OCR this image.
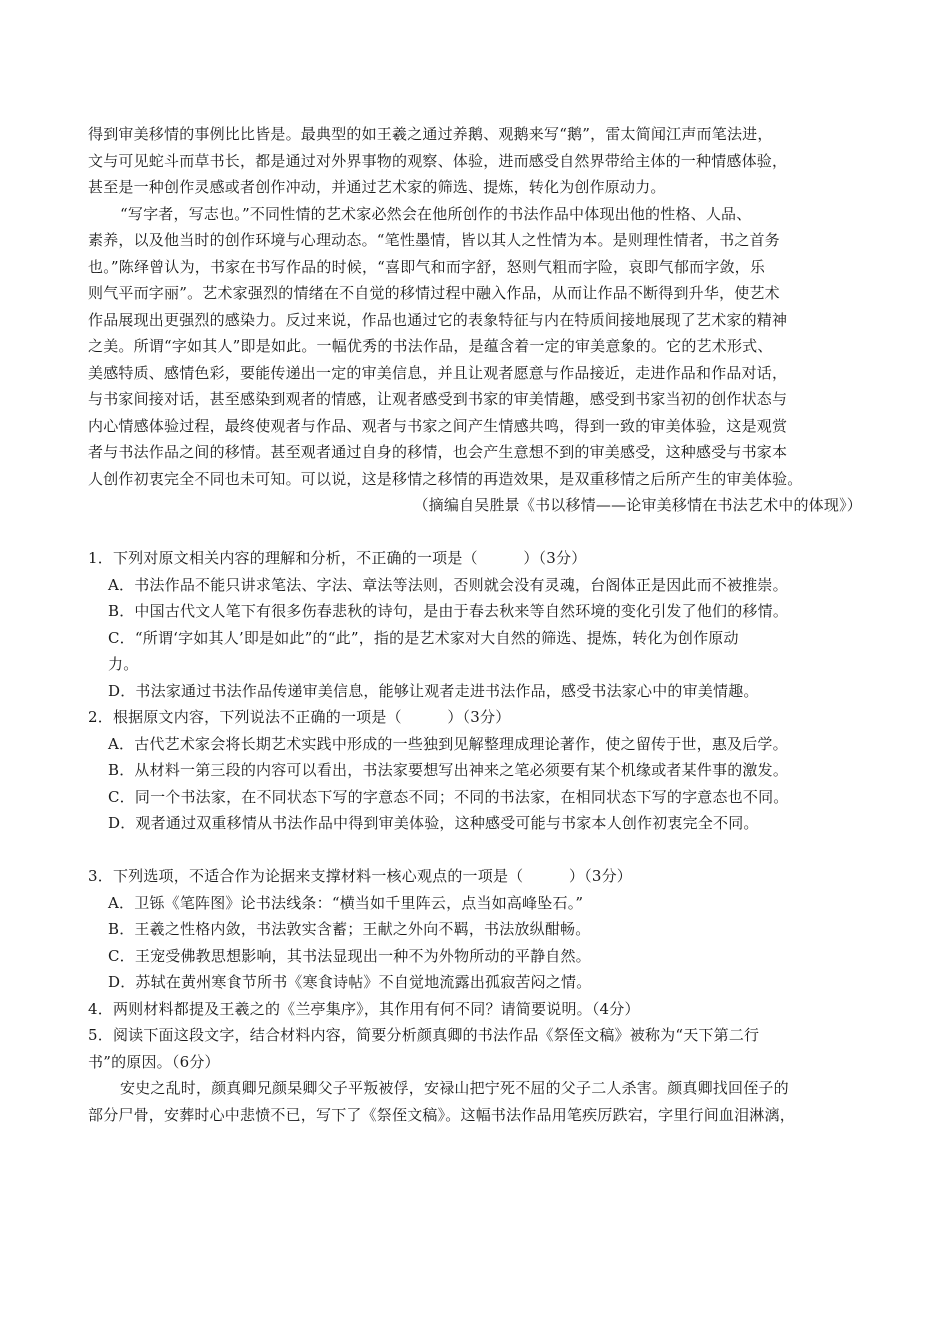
得到审美移情的事例比比皆是。最典型的如王羲之通过养鹅、观鹅来写“鹅”，雷太简闻江声而笔法进，
文与可见蛇斗而草书长，都是通过对外界事物的观察、体验，进而感受自然界带给主体的一种情感体验，
甚至是一种创作灵感或者创作冲动，并通过艺术家的筛选、提炼，转化为创作原动力。
“写字者，写志也。”不同性情的艺术家必然会在他所创作的书法作品中体现出他的性格、人品、
素养，以及他当时的创作环境与心理动态。“笔性墨情，皆以其人之性情为本。是则理性情者，书之首务
也。”陈绎曾认为，书家在书写作品的时候，“喜即气和而字舒，怒则气粗而字险，哀即气郁而字敛，乐
则气平而字丽”。艺术家强烈的情绪在不自觉的移情过程中融入作品，从而让作品不断得到升华，使艺术
作品展现出更强烈的感染力。反过来说，作品也通过它的表象特征与内在特质间接地展现了艺术家的精神
之美。所谓“字如其人”即是如此。一幅优秀的书法作品，是蕴含着一定的审美意象的。它的艺术形式、
美感特质、感情色彩，要能传递出一定的审美信息，并且让观者愿意与作品接近，走进作品和作品对话，
与书家间接对话，甚至感染到观者的情感，让观者感受到书家的审美情趣，感受到书家当初的创作状态与
内心情感体验过程，最终使观者与作品、观者与书家之间产生情感共鸣，得到一致的审美体验，这是观赏
者与书法作品之间的移情。甚至观者通过自身的移情，也会产生意想不到的审美感受，这种感受与书家本
人创作初衷完全不同也未可知。可以说，这是移情之移情的再造效果，是双重移情之后所产生的审美体验。
（摘编自吴胜景《书以移情——论审美移情在书法艺术中的体现》）
1．下列对原文相关内容的理解和分析，不正确的一项是（　　　）（3分）
A．书法作品不能只讲求笔法、字法、章法等法则，否则就会没有灵魂，台阁体正是因此而不被推崇。
B．中国古代文人笔下有很多伤春悲秋的诗句，是由于春去秋来等自然环境的变化引发了他们的移情。
C．“所谓‘字如其人’即是如此”的“此”，指的是艺术家对大自然的筛选、提炼，转化为创作原动
力。
D．书法家通过书法作品传递审美信息，能够让观者走进书法作品，感受书法家心中的审美情趣。
2．根据原文内容，下列说法不正确的一项是（　　　）（3分）
A．古代艺术家会将长期艺术实践中形成的一些独到见解整理成理论著作，使之留传于世，惠及后学。
B．从材料一第三段的内容可以看出，书法家要想写出神来之笔必须要有某个机缘或者某件事的激发。
C．同一个书法家，在不同状态下写的字意态不同；不同的书法家，在相同状态下写的字意态也不同。
D．观者通过双重移情从书法作品中得到审美体验，这种感受可能与书家本人创作初衷完全不同。
3．下列选项，不适合作为论据来支撑材料一核心观点的一项是（　　　）（3分）
A．卫铄《笔阵图》论书法线条：“横当如千里阵云，点当如高峰坠石。”
B．王羲之性格内敛，书法敦实含蓄；王献之外向不羁，书法放纵酣畅。
C．王宠受佛教思想影响，其书法显现出一种不为外物所动的平静自然。
D．苏轼在黄州寒食节所书《寒食诗帖》不自觉地流露出孤寂苦闷之情。
4．两则材料都提及王羲之的《兰亭集序》，其作用有何不同？请简要说明。（4分）
5．阅读下面这段文字，结合材料内容，简要分析颜真卿的书法作品《祭侄文稿》被称为“天下第二行
书”的原因。（6分）
安史之乱时，颜真卿兄颜杲卿父子平叛被俘，安禄山把宁死不屈的父子二人杀害。颜真卿找回侄子的
部分尸骨，安葬时心中悲愤不已，写下了《祭侄文稿》。这幅书法作品用笔疾厉跌宕，字里行间血泪淋漓，
